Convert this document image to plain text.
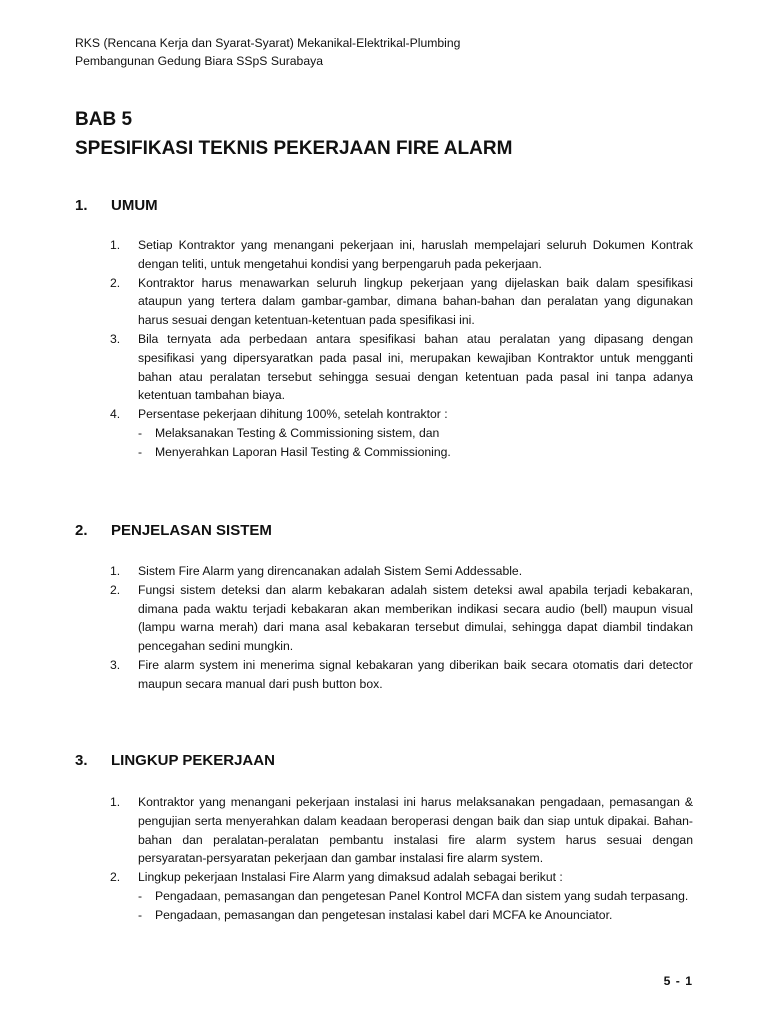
RKS (Rencana Kerja dan Syarat-Syarat) Mekanikal-Elektrikal-Plumbing
Pembangunan Gedung Biara SSpS Surabaya
BAB 5
SPESIFIKASI TEKNIS PEKERJAAN FIRE ALARM
1. UMUM
1. Setiap Kontraktor yang menangani pekerjaan ini, haruslah mempelajari seluruh Dokumen Kontrak dengan teliti, untuk mengetahui kondisi yang berpengaruh pada pekerjaan.
2. Kontraktor harus menawarkan seluruh lingkup pekerjaan yang dijelaskan baik dalam spesifikasi ataupun yang tertera dalam gambar-gambar, dimana bahan-bahan dan peralatan yang digunakan harus sesuai dengan ketentuan-ketentuan pada spesifikasi ini.
3. Bila ternyata ada perbedaan antara spesifikasi bahan atau peralatan yang dipasang dengan spesifikasi yang dipersyaratkan pada pasal ini, merupakan kewajiban Kontraktor untuk mengganti bahan atau peralatan tersebut sehingga sesuai dengan ketentuan pada pasal ini tanpa adanya ketentuan tambahan biaya.
4. Persentase pekerjaan dihitung 100%, setelah kontraktor :
- Melaksanakan Testing & Commissioning sistem, dan
- Menyerahkan Laporan Hasil Testing & Commissioning.
2. PENJELASAN SISTEM
1. Sistem Fire Alarm yang direncanakan adalah Sistem Semi Addessable.
2. Fungsi sistem deteksi dan alarm kebakaran adalah sistem deteksi awal apabila terjadi kebakaran, dimana pada waktu terjadi kebakaran akan memberikan indikasi secara audio (bell) maupun visual (lampu warna merah) dari mana asal kebakaran tersebut dimulai, sehingga dapat diambil tindakan pencegahan sedini mungkin.
3. Fire alarm system ini menerima signal kebakaran yang diberikan baik secara otomatis dari detector maupun secara manual dari push button box.
3. LINGKUP PEKERJAAN
1. Kontraktor yang menangani pekerjaan instalasi ini harus melaksanakan pengadaan, pemasangan & pengujian serta menyerahkan dalam keadaan beroperasi dengan baik dan siap untuk dipakai. Bahan-bahan dan peralatan-peralatan pembantu instalasi fire alarm system harus sesuai dengan persyaratan-persyaratan pekerjaan dan gambar instalasi fire alarm system.
2. Lingkup pekerjaan Instalasi Fire Alarm yang dimaksud adalah sebagai berikut :
- Pengadaan, pemasangan dan pengetesan Panel Kontrol MCFA dan sistem yang sudah terpasang.
- Pengadaan, pemasangan dan pengetesan instalasi kabel dari MCFA ke Anounciator.
5 - 1
